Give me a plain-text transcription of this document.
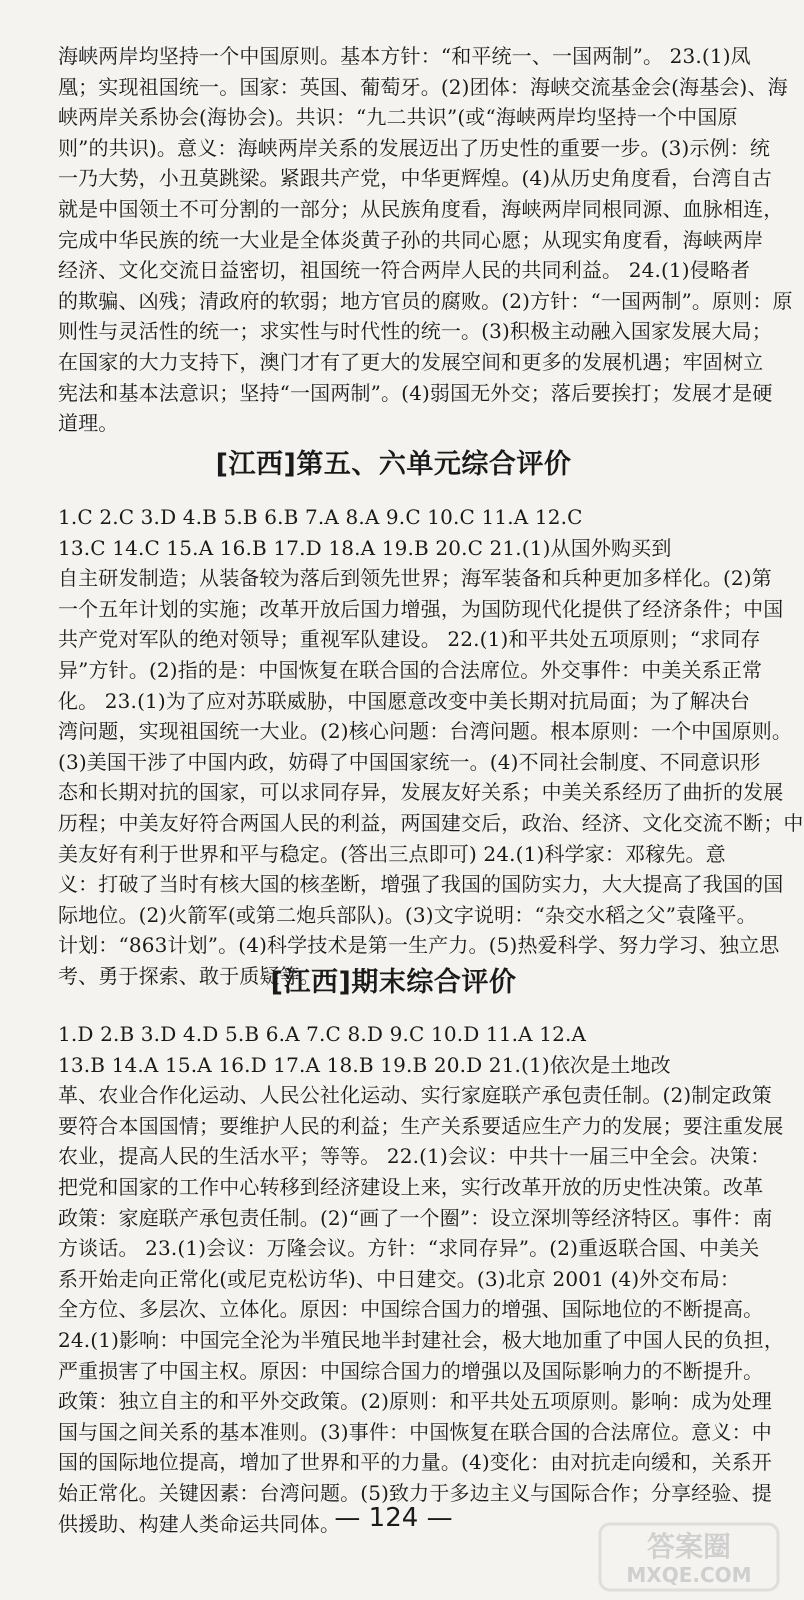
海峡两岸均坚持一个中国原则。基本方针：“和平统一、一国两制”。 23.(1)凤
凰；实现祖国统一。国家：英国、葡萄牙。(2)团体：海峡交流基金会(海基会)、海
峡两岸关系协会(海协会)。共识：“九二共识”(或“海峡两岸均坚持一个中国原
则”的共识)。意义：海峡两岸关系的发展迈出了历史性的重要一步。(3)示例：统
一乃大势，小丑莫跳梁。紧跟共产党，中华更辉煌。(4)从历史角度看，台湾自古
就是中国领土不可分割的一部分；从民族角度看，海峡两岸同根同源、血脉相连，
完成中华民族的统一大业是全体炎黄子孙的共同心愿；从现实角度看，海峡两岸
经济、文化交流日益密切，祖国统一符合两岸人民的共同利益。 24.(1)侵略者
的欺骗、凶残；清政府的软弱；地方官员的腐败。(2)方针：“一国两制”。原则：原
则性与灵活性的统一；求实性与时代性的统一。(3)积极主动融入国家发展大局；
在国家的大力支持下，澳门才有了更大的发展空间和更多的发展机遇；牢固树立
宪法和基本法意识；坚持“一国两制”。(4)弱国无外交；落后要挨打；发展才是硬
道理。
[江西]第五、六单元综合评价
1.C 2.C 3.D 4.B 5.B 6.B 7.A 8.A 9.C 10.C 11.A 12.C
13.C 14.C 15.A 16.B 17.D 18.A 19.B 20.C 21.(1)从国外购买到
自主研发制造；从装备较为落后到领先世界；海军装备和兵种更加多样化。(2)第
一个五年计划的实施；改革开放后国力增强，为国防现代化提供了经济条件；中国
共产党对军队的绝对领导；重视军队建设。 22.(1)和平共处五项原则；“求同存
异”方针。(2)指的是：中国恢复在联合国的合法席位。外交事件：中美关系正常
化。 23.(1)为了应对苏联威胁，中国愿意改变中美长期对抗局面；为了解决台
湾问题，实现祖国统一大业。(2)核心问题：台湾问题。根本原则：一个中国原则。
(3)美国干涉了中国内政，妨碍了中国国家统一。(4)不同社会制度、不同意识形
态和长期对抗的国家，可以求同存异，发展友好关系；中美关系经历了曲折的发展
历程；中美友好符合两国人民的利益，两国建交后，政治、经济、文化交流不断；中
美友好有利于世界和平与稳定。(答出三点即可) 24.(1)科学家：邓稼先。意
义：打破了当时有核大国的核垄断，增强了我国的国防实力，大大提高了我国的国
际地位。(2)火箭军(或第二炮兵部队)。(3)文字说明：“杂交水稻之父”袁隆平。
计划：“863计划”。(4)科学技术是第一生产力。(5)热爱科学、努力学习、独立思
考、勇于探索、敢于质疑等。
[江西]期末综合评价
1.D 2.B 3.D 4.D 5.B 6.A 7.C 8.D 9.C 10.D 11.A 12.A
13.B 14.A 15.A 16.D 17.A 18.B 19.B 20.D 21.(1)依次是土地改
革、农业合作化运动、人民公社化运动、实行家庭联产承包责任制。(2)制定政策
要符合本国国情；要维护人民的利益；生产关系要适应生产力的发展；要注重发展
农业，提高人民的生活水平；等等。 22.(1)会议：中共十一届三中全会。决策：
把党和国家的工作中心转移到经济建设上来，实行改革开放的历史性决策。改革
政策：家庭联产承包责任制。(2)“画了一个圈”：设立深圳等经济特区。事件：南
方谈话。 23.(1)会议：万隆会议。方针：“求同存异”。(2)重返联合国、中美关
系开始走向正常化(或尼克松访华)、中日建交。(3)北京 2001 (4)外交布局：
全方位、多层次、立体化。原因：中国综合国力的增强、国际地位的不断提高。
24.(1)影响：中国完全沦为半殖民地半封建社会，极大地加重了中国人民的负担，
严重损害了中国主权。原因：中国综合国力的增强以及国际影响力的不断提升。
政策：独立自主的和平外交政策。(2)原则：和平共处五项原则。影响：成为处理
国与国之间关系的基本准则。(3)事件：中国恢复在联合国的合法席位。意义：中
国的国际地位提高，增加了世界和平的力量。(4)变化：由对抗走向缓和，关系开
始正常化。关键因素：台湾问题。(5)致力于多边主义与国际合作；分享经验、提
供援助、构建人类命运共同体。
— 124 —
答案圈
MXQE.COM
